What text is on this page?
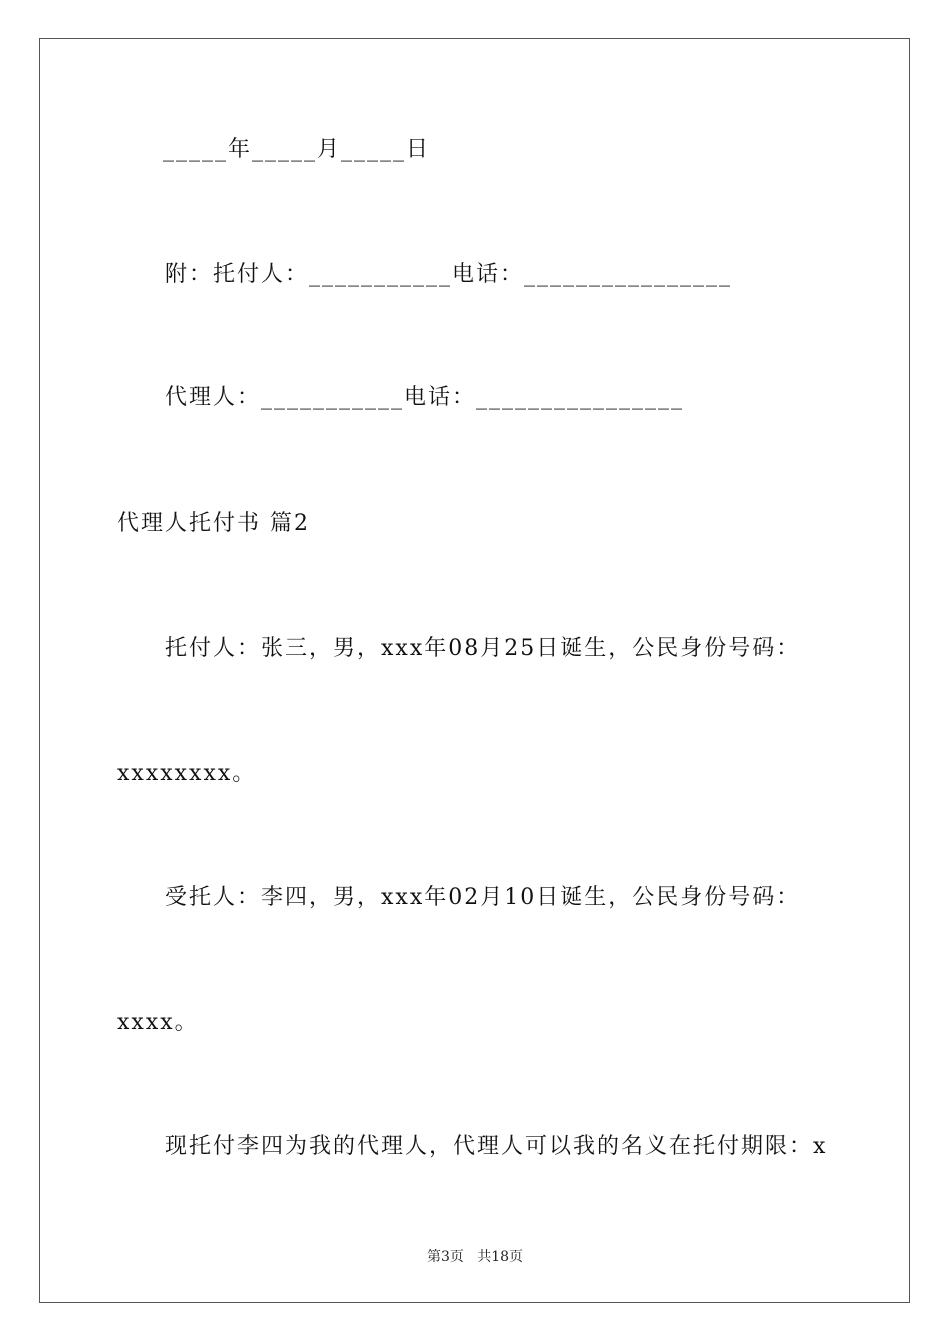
_____年_____月_____日
附：托付人：___________电话：________________
代理人：___________电话：________________
代理人托付书 篇2
托付人：张三，男，xxx年08月25日诞生，公民身份号码：
xxxxxxxx。
受托人：李四，男，xxx年02月10日诞生，公民身份号码：
xxxx。
现托付李四为我的代理人，代理人可以我的名义在托付期限：x
第3页   共18页
